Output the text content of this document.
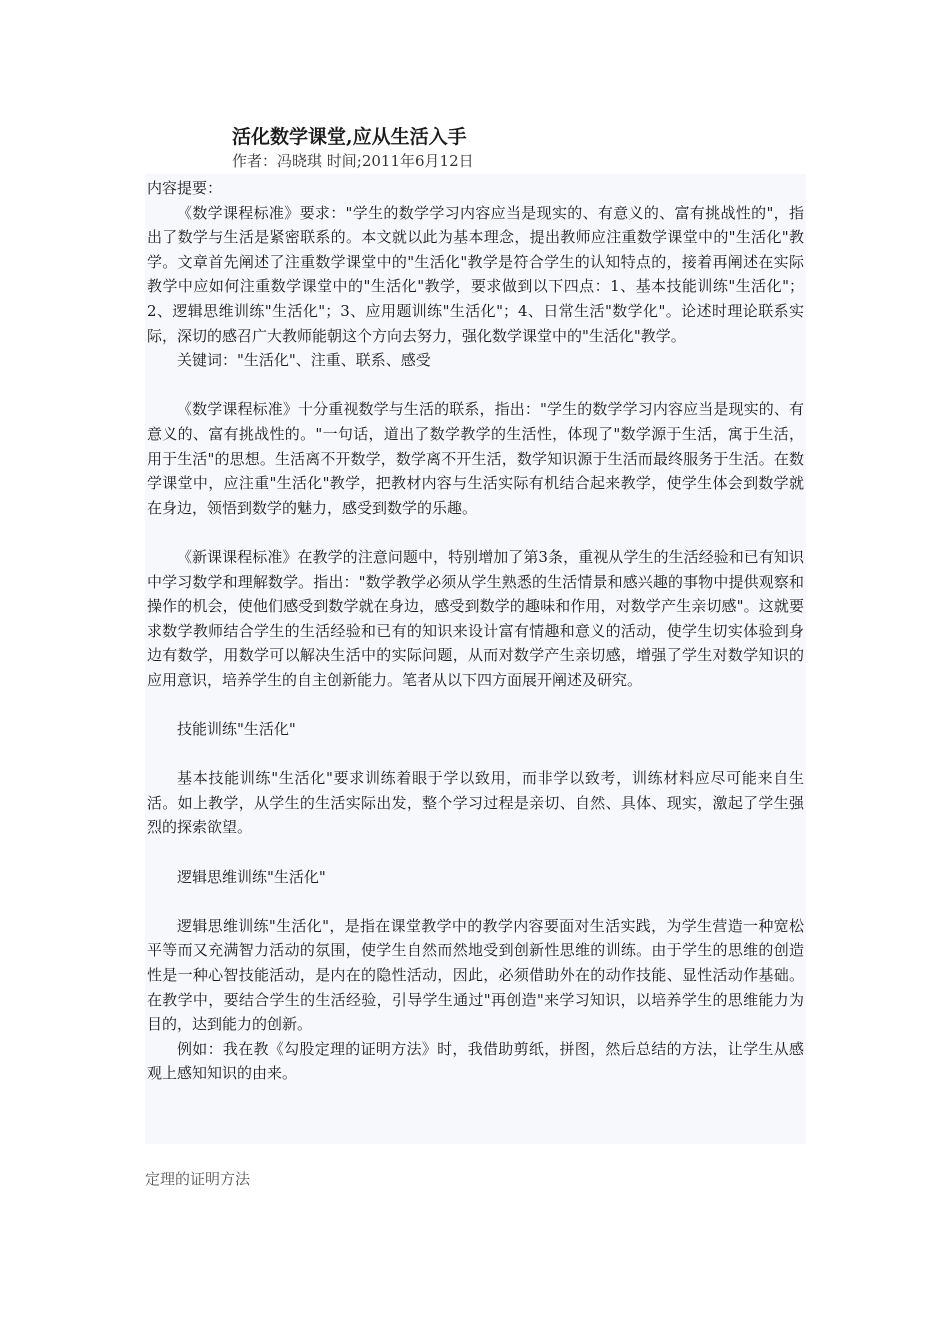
活化数学课堂,应从生活入手
作者：冯晓琪 时间;2011年6月12日

内容提要：

《数学课程标准》要求："学生的数学学习内容应当是现实的、有意义的、富有挑战性的"，指出了数学与生活是紧密联系的。本文就以此为基本理念，提出教师应注重数学课堂中的"生活化"教学。文章首先阐述了注重数学课堂中的"生活化"教学是符合学生的认知特点的，接着再阐述在实际教学中应如何注重数学课堂中的"生活化"教学，要求做到以下四点：1、基本技能训练"生活化"；2、逻辑思维训练"生活化"；3、应用题训练"生活化"；4、日常生活"数学化"。论述时理论联系实际，深切的感召广大教师能朝这个方向去努力，强化数学课堂中的"生活化"教学。

关键词："生活化"、注重、联系、感受

《数学课程标准》十分重视数学与生活的联系，指出："学生的数学学习内容应当是现实的、有意义的、富有挑战性的。"一句话，道出了数学教学的生活性，体现了"数学源于生活，寓于生活，用于生活"的思想。生活离不开数学，数学离不开生活，数学知识源于生活而最终服务于生活。在数学课堂中，应注重"生活化"教学，把教材内容与生活实际有机结合起来教学，使学生体会到数学就在身边，领悟到数学的魅力，感受到数学的乐趣。

《新课课程标准》在教学的注意问题中，特别增加了第3条，重视从学生的生活经验和已有知识中学习数学和理解数学。指出："数学教学必须从学生熟悉的生活情景和感兴趣的事物中提供观察和操作的机会，使他们感受到数学就在身边，感受到数学的趣味和作用，对数学产生亲切感"。这就要求数学教师结合学生的生活经验和已有的知识来设计富有情趣和意义的活动，使学生切实体验到身边有数学，用数学可以解决生活中的实际问题，从而对数学产生亲切感，增强了学生对数学知识的应用意识，培养学生的自主创新能力。笔者从以下四方面展开阐述及研究。

技能训练"生活化"

基本技能训练"生活化"要求训练着眼于学以致用，而非学以致考，训练材料应尽可能来自生活。如上教学，从学生的生活实际出发，整个学习过程是亲切、自然、具体、现实，激起了学生强烈的探索欲望。

逻辑思维训练"生活化"

逻辑思维训练"生活化"，是指在课堂教学中的教学内容要面对生活实践，为学生营造一种宽松平等而又充满智力活动的氛围，使学生自然而然地受到创新性思维的训练。由于学生的思维的创造性是一种心智技能活动，是内在的隐性活动，因此，必须借助外在的动作技能、显性活动作基础。在教学中，要结合学生的生活经验，引导学生通过"再创造"来学习知识，以培养学生的思维能力为目的，达到能力的创新。

例如：我在教《勾股定理的证明方法》时，我借助剪纸，拼图，然后总结的方法，让学生从感观上感知知识的由来。

定理的证明方法
